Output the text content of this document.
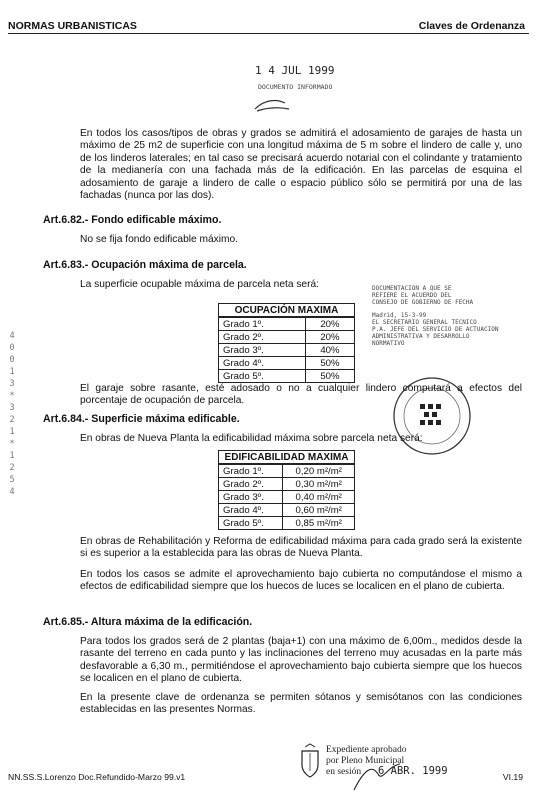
NORMAS URBANISTICAS	Claves de Ordenanza
1 4 JUL 1999
DOCUMENTO INFORMADO

En todos los casos/tipos de obras y grados se admitirá el adosamiento de garajes de hasta un máximo de 25 m2 de superficie con una longitud máxima de 5 m sobre el lindero de calle y, uno de los linderos laterales; en tal caso se precisará acuerdo notarial con el colindante y tratamiento de la medianería con una fachada más de la edificación. En las parcelas de esquina el adosamiento de garaje a lindero de calle o espacio público sólo se permitirá por una de las fachadas (nunca por las dos).

Art.6.82.- Fondo edificable máximo.

No se fija fondo edificable máximo.

Art.6.83.- Ocupación máxima de parcela.

La superficie ocupable máxima de parcela neta será:

OCUPACIÓN MAXIMA	
Grado 1º.	20%
Grado 2º.	20%
Grado 3º.	40%
Grado 4º.	50%
Grado 5º.	50%
DOCUMENTACION A QUE SE
REFIERE EL ACUERDO DEL
CONSEJO DE GOBIERNO DE FECHA
Madrid, 15-3-99
EL SECRETARIO GENERAL TECNICO
P.A. JEFE DEL SERVICIO DE ACTUACION
ADMINISTRATIVA Y DESARROLLO
NORMATIVO

El garaje sobre rasante, esté adosado o no a cualquier lindero computará a efectos del porcentaje de ocupación de parcela.

Art.6.84.- Superficie máxima edificable.

En obras de Nueva Planta la edificabilidad máxima sobre parcela neta será:

EDIFICABILIDAD MAXIMA	
Grado 1º.	0,20 m²/m²
Grado 2º.	0,30 m²/m²
Grado 3º.	0,40 m²/m²
Grado 4º.	0,60 m²/m²
Grado 5º.	0,85 m²/m²

En obras de Rehabilitación y Reforma de edificabilidad máxima para cada grado será la existente si es superior a la establecida para las obras de Nueva Planta.

En todos los casos se admite el aprovechamiento bajo cubierta no computándose el mismo a efectos de edificabilidad siempre que los huecos de luces se localicen en el plano de cubierta.

Art.6.85.- Altura máxima de la edificación.

Para todos los grados será de 2 plantas (baja+1) con una máximo de 6,00m., medidos desde la rasante del terreno en cada punto y las inclinaciones del terreno muy acusadas en la parte más desfavorable a 6,30 m., permitiéndose el aprovechamiento bajo cubierta siempre que los huecos se localicen en el plano de cubierta.

En la presente clave de ordenanza se permiten sótanos y semisótanos con las condiciones establecidas en las presentes Normas.

4 0 0 1 3 * 3 2 1 * 1 2 5 4
Expediente aprobado
por Pleno Municipal
en sesión	6 ABR. 1999
NN.SS.S.Lorenzo Doc.Refundido-Marzo 99.v1	VI.19
